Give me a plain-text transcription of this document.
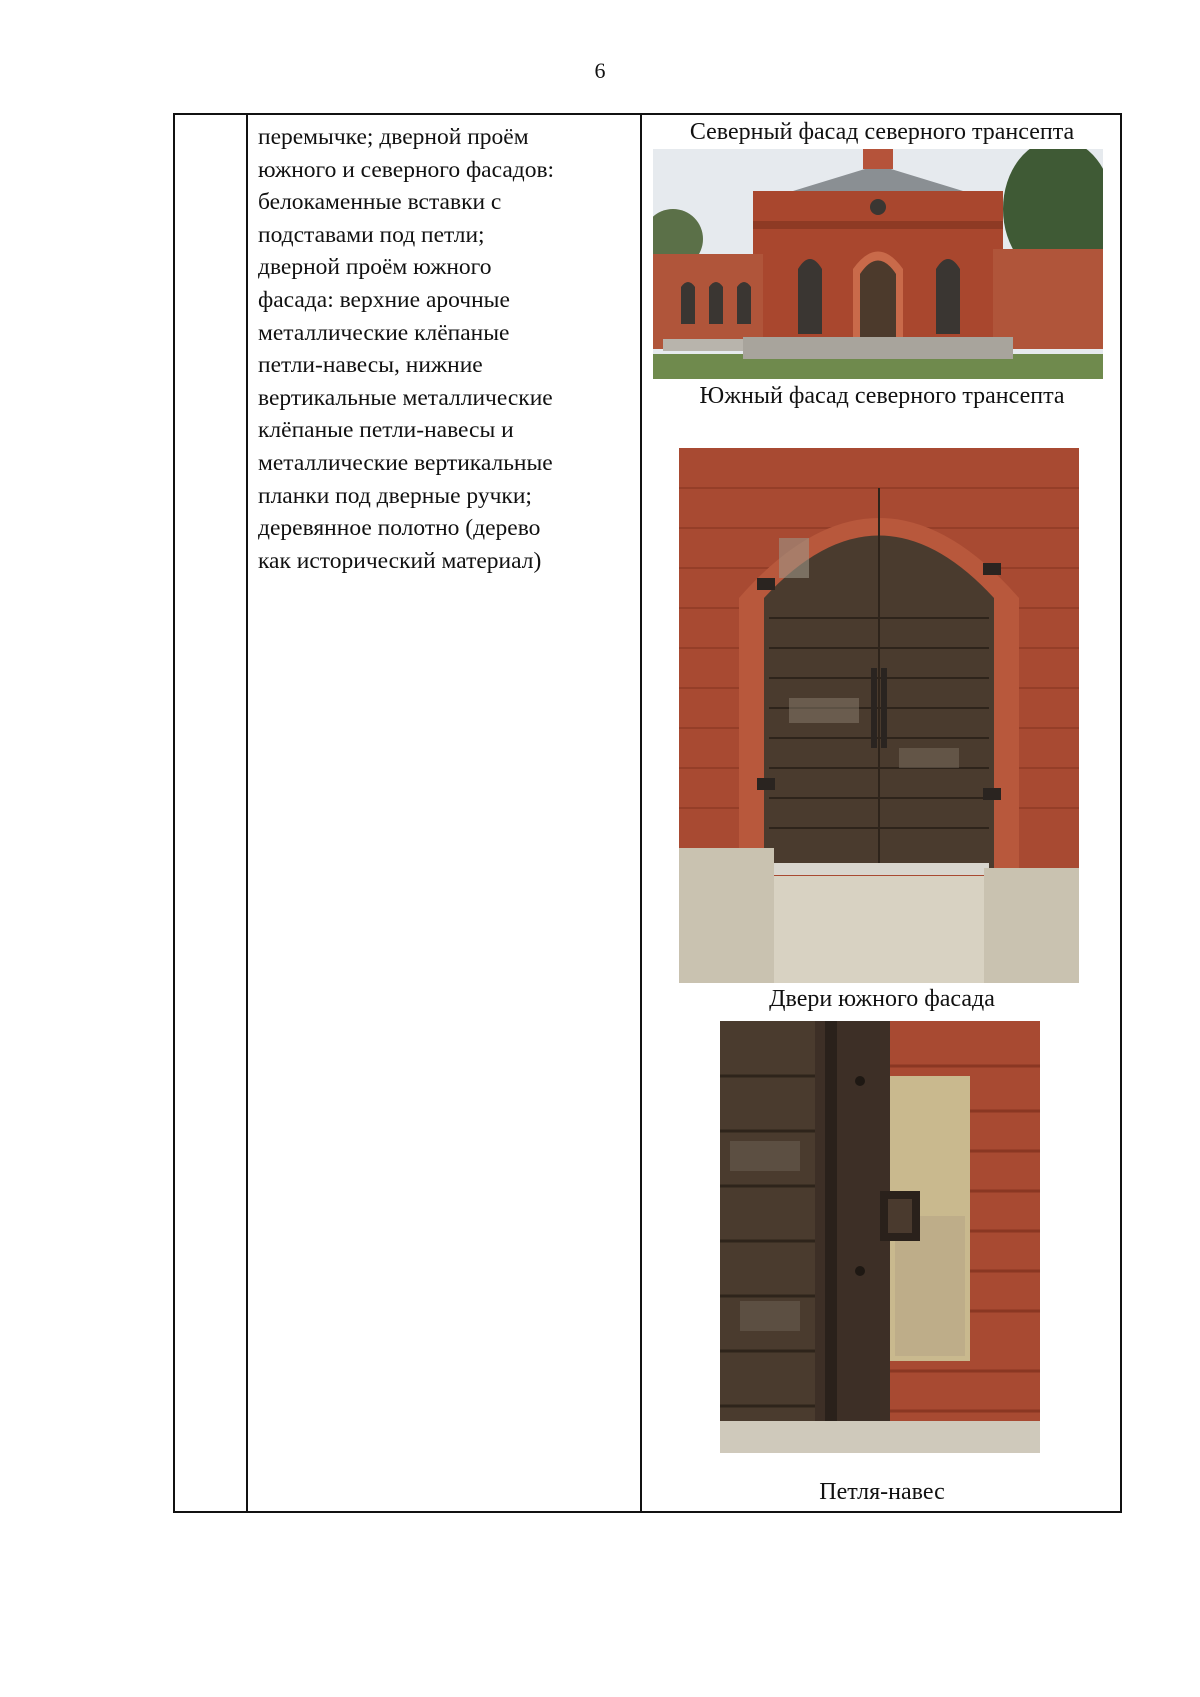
6
перемычке; дверной проём
южного и северного фасадов:
белокаменные вставки с
подставами под петли;
дверной проём южного
фасада: верхние арочные
металлические клёпаные
петли-навесы, нижние
вертикальные металлические
клёпаные петли-навесы и
металлические вертикальные
планки под дверные ручки;
деревянное полотно (дерево
как исторический материал)
Северный фасад северного трансепта
Южный фасад северного трансепта
Двери южного фасада
Петля-навес
